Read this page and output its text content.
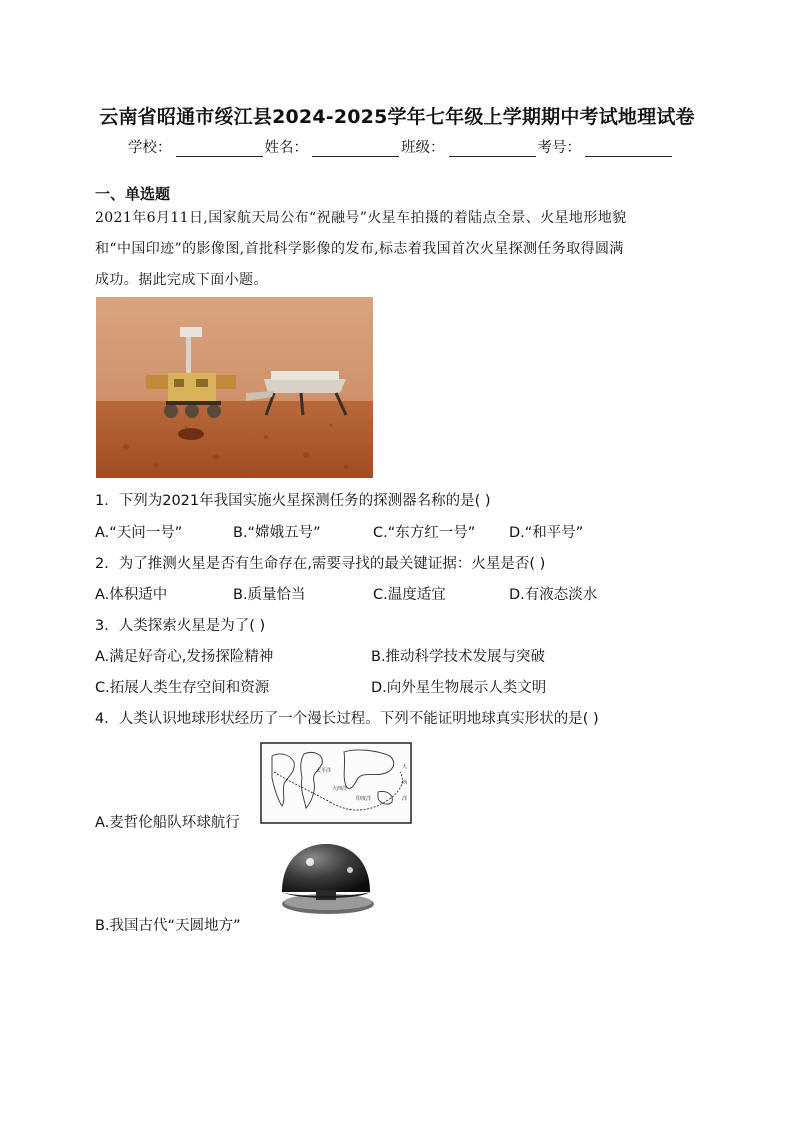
云南省昭通市绥江县2024-2025学年七年级上学期期中考试地理试卷
学校：	姓名：	班级：	考号：
一、单选题
2021年6月11日,国家航天局公布“祝融号”火星车拍摄的着陆点全景、火星地形地貌
和“中国印迹”的影像图,首批科学影像的发布,标志着我国首次火星探测任务取得圆满
成功。据此完成下面小题。
1．下列为2021年我国实施火星探测任务的探测器名称的是( )
A.“天问一号”	B.“嫦娥五号”	C.“东方红一号” D.“和平号”
2．为了推测火星是否有生命存在,需要寻找的最关键证据：火星是否( )
A.体积适中	B.质量恰当	C.温度适宜	D.有液态淡水
3．人类探索火星是为了( )
A.满足好奇心,发扬探险精神	B.推动科学技术发展与突破
C.拓展人类生存空间和资源	D.向外星生物展示人类文明
4．人类认识地球形状经历了一个漫长过程。下列不能证明地球真实形状的是( )
太平洋
大西洋
印度洋
大
西
洋
A.麦哲伦船队环球航行
B.我国古代“天圆地方”
